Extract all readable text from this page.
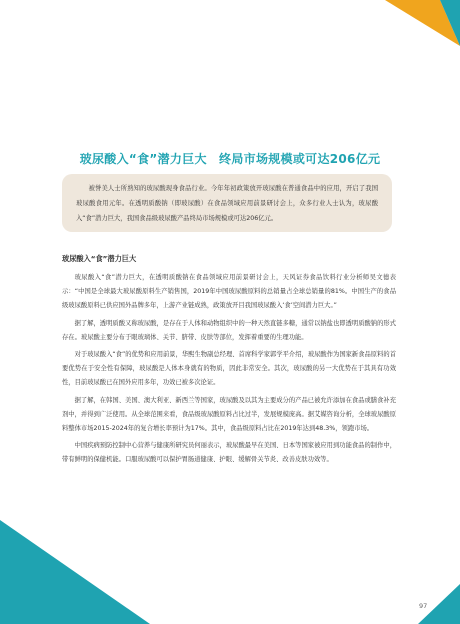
玻尿酸入“食”潜力巨大　终局市场规模或可达206亿元
被誉美人士所熟知的玻尿酸现身食品行业。今年年初政策放开玻尿酸在普通食品中的应用，开启了我国玻尿酸食用元年。在透明质酸钠（即玻尿酸）在食品领域应用前景研讨会上，众多行业人士认为，玻尿酸入“食”潜力巨大，我国食品级玻尿酸产品终局市场规模或可达206亿元。
玻尿酸入“食”潜力巨大

玻尿酸入“食”潜力巨大，在透明质酸钠在食品领域应用前景研讨会上，天风证券食品饮料行业分析师吴文德表示：“中国是全球最大玻尿酸原料生产销售国，2019年中国玻尿酸原料的总销量占全球总销量的81%。中国生产的食品级玻尿酸原料已供应国外品牌多年，上游产业链成熟，政策放开目我国玻尿酸入‘食’空间潜力巨大。”

据了解，透明质酸又称玻尿酸，是存在于人体和动物组织中的一种天然直链多糖，通常以钠盐也即透明质酸钠的形式存在。玻尿酸主要分布于眼玻璃体、关节、脐带、皮肤等部位，发挥着重要的生理功能。

对于玻尿酸入“食”的优势和应用前景，华熙生物副总经理、首席科学家郭学平介绍，玻尿酸作为国家新食品原料的首要优势在于安全性有保障，玻尿酸是人体本身就有的物质，因此非常安全。其次，玻尿酸的另一大优势在于其具有功效性，目前玻尿酸已在国外应用多年，功效已被多次论证。

据了解，在韩国、美国、澳大利亚、新西兰等国家，玻尿酸及以其为主要成分的产品已被允许添加在食品或膳食补充剂中，并得到广泛使用。从全球范围来看，食品级玻尿酸原料占比过半，发展规模庞高。据艾媒咨询分析，全球玻尿酸原料整体市场2015-2024年的复合增长率预计为17%。其中，食品级原料占比在2019年达到48.3%，领跑市场。

中国疾病预防控制中心营养与健康所研究员何丽表示，玻尿酸最早在美国、日本等国家被应用到功能食品的制作中，带有鲜明的保健机能。口服玻尿酸可以保护胃肠道健康、护眼、缓解骨关节炎、改善皮肤功效等。

97
